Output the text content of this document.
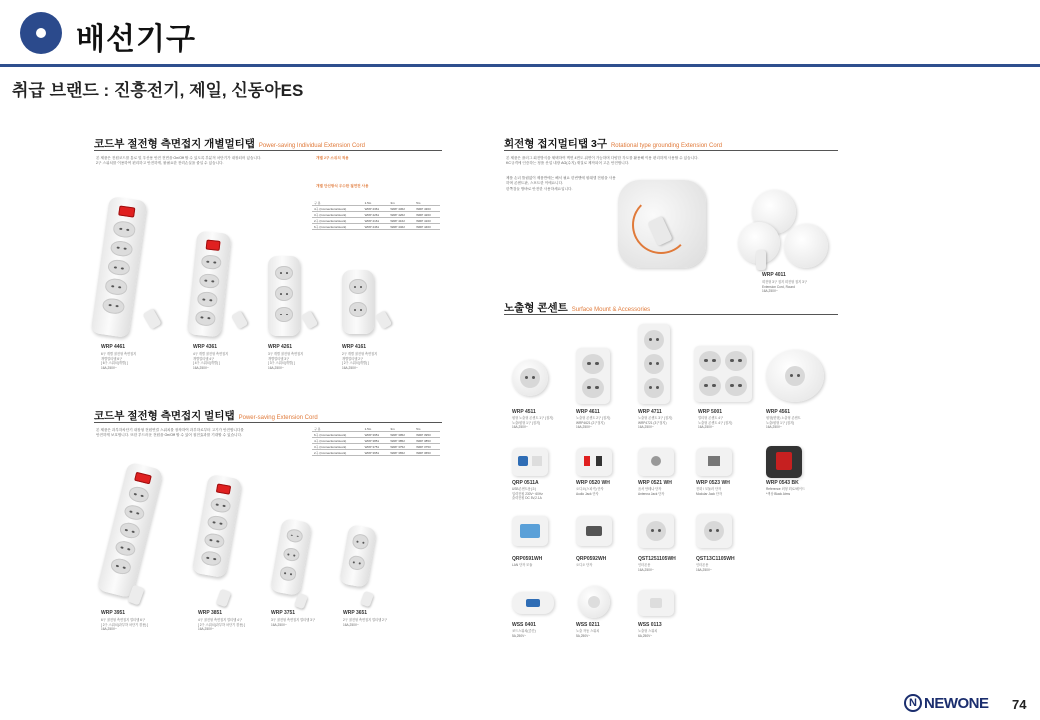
배선기구
취급 브랜드 : 진흥전기, 제일, 신동아ES
코드부 절전형 측면접지 개별멀티탭 Power-saving Individual Extension Cord
본 제품은 전원코드를 통로 및 우산용 안전 전면을 On/Off 할 수 있도록 부분적 차단기가 내장되어 있습니다.
2구 스위치를 이용하여 편리하고 안전하게, 불필요한 전력손실을 줄일 수 있습니다.
개별 2구 스위치 적용
개별 단선방식 우수한 절연전 사용
구 분	1.5m	3m	5m
4구 (Connections/Jeunt)	WRP 4361	WRP 4362	WRP 4363
3구 (Connections/Jeunt)	WRP 4261	WRP 4262	WRP 4263
2구 (Connections/Jeunt)	WRP 4161	WRP 4162	WRP 4163
6구 (Connections/Jeunt)	WRP 4461	WRP 4462	WRP 4463
WRP 4461
6구 개별 절전형 측면접지
개별멀티탭 6구
[ 6구 스위치(개별) ]
16A,250V~
WRP 4361
4구 개별 절전형 측면접지
개별멀티탭 4구
[ 4구 스위치(개별) ]
16A,250V~
WRP 4261
3구 개별 절전형 측면접지
개별멀티탭 3구
[ 3구 스위치(개별) ]
16A,250V~
WRP 4161
2구 개별 절전형 측면접지
개별멀티탭 2구
[ 2구 스위치(개별) ]
16A,250V~
코드부 절전형 측면접지 멀티탭 Power-saving Extension Cord
본 제품은 과부하차단기 내장형 전원연결 스위치를 장착하여 과부하로부터 고기가 안전합니다를
안전하게 보호합니다. 또한 부드러운 전원을 On/Off 할 수 있어 절전효과를 기대할 수 있습니다.
구 분	1.5m	3m	5m
6구 (Connections/Jeunt)	WRP 3951	WRP 3952	WRP 3953
4구 (Connections/Jeunt)	WRP 3851	WRP 3852	WRP 3853
3구 (Connections/Jeunt)	WRP 3751	WRP 3752	WRP 3753
2구 (Connections/Jeunt)	WRP 3651	WRP 3652	WRP 3653
WRP 3951
6구 절전형 측면접지 멀티탭 6구
[ 2구 스위치(과부하 차단기 겸용) ]
16A,250V~
WRP 3851
4구 절전형 측면접지 멀티탭 4구
[ 2구 스위치(과부하 차단기 겸용) ]
16A,250V~
WRP 3751
3구 절전형 측면접지 멀티탭 3구
16A,250V~
WRP 3651
2구 절전형 측면접지 멀티탭 2구
16A,250V~
회전형 접지멀티탭 3구 Rotational type grounding Extension Cord
본 제품은 플러그 회전방식을 채택하여 벽면 4면도 위면이 가능하며 다양한 각도를 활용해 이용 편리하게 사용할 수 있습니다.
KC규격에 인증하는 정품 산업 내장 AG(수지) 재질로 제작되어 고온 안전합니다.
제품 손녀 틀림없이 제품반에는 해서 필요 한번엔에 원래앱 전원을 사용하며 콘센트판, 스포트한 이에요니다.
한쪽검들 방바로 안전한 사용하세요입니다.
WRP 4011
회전형 3구 접지 회전형 접지 3구
Extension Cord, Round
16A,250V~
노출형 콘센트 Surface Mount & Accessories
WRP 4511
원형 노출형 콘센트 1구 (접지)
노출/원형 1구 (접지)
16A,250V~
WRP 4611
노출형 콘센트 2구 (접지)
WRP4621 (2구접지)
16A,250V~
WRP 4711
노출형 콘센트 3구 (접지)
WRP4721 (3구접지)
16A,250V~
WRP 5001
멀티형 콘센트 4구
노출형 콘센트 4구 (접지)
16A,250V~
WRP 4561
원형(변형) 노출형 콘센트
노출/원형 1구 (접지)
16A,250V~
QRP 0511A
USB콘센트용(초)
입력전원 230V~ 60Hz
출력전원 DC 5V,2.1A
WRP 0520 WH
오디오(스피커) 단자
Audio Jack 단자
WRP 0521 WH
옵서 안테나 단자
Antenna Jack 단자
WRP 0523 WH
전화 / 모듈러 단자
Modular Jack 단자
WRP 0543 BK
Reference 외형 회로/메이드
*색상 Black Atms
QRP0591WH
LAN 단자 모듈
QRP0592WH
오디오 단자
QST1251105WH
인터폰용
16A,250V~
QST13C1105WH
인터폰용
16A,250V~
WSS 0401
코드스위치(중간)
5A,250V~
WSS 0211
노출 자동 스위치
5A,250V~
WSS 0113
노출형 스위치
6A,250V~
N NEWONE 74
